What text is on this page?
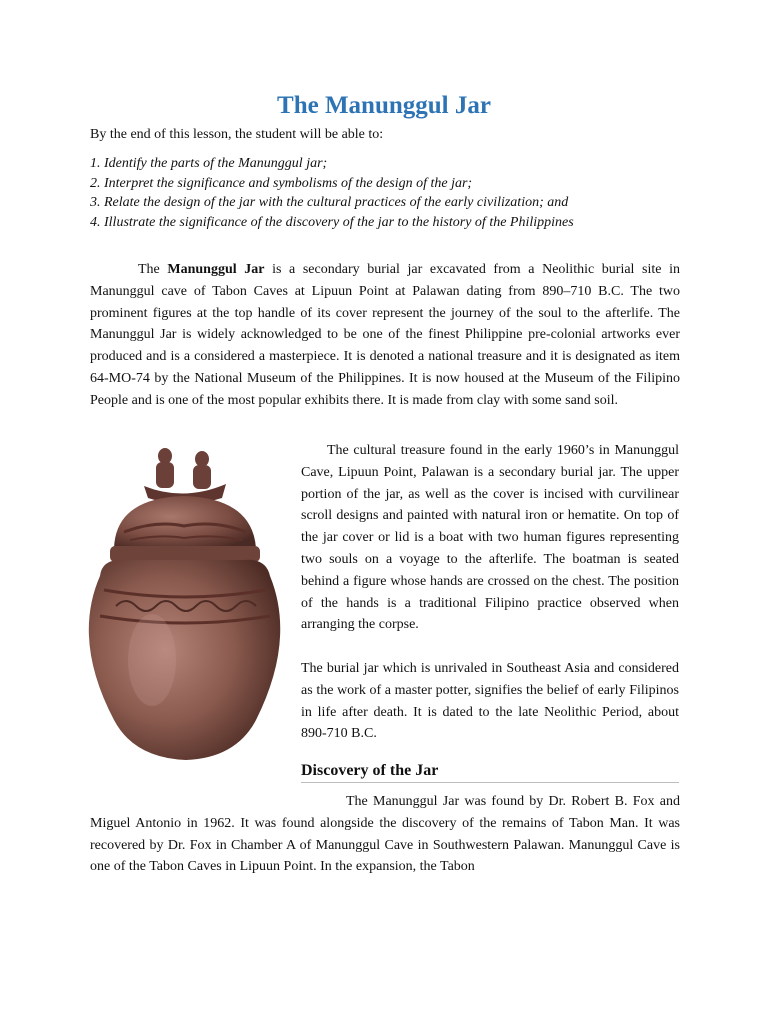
The Manunggul Jar
By the end of this lesson, the student will be able to:
1. Identify the parts of the Manunggul jar;
2. Interpret the significance and symbolisms of the design of the jar;
3. Relate the design of the jar with the cultural practices of the early civilization; and
4. Illustrate the significance of the discovery of the jar to the history of the Philippines

The Manunggul Jar is a secondary burial jar excavated from a Neolithic burial site in Manunggul cave of Tabon Caves at Lipuun Point at Palawan dating from 890–710 B.C. The two prominent figures at the top handle of its cover represent the journey of the soul to the afterlife. The Manunggul Jar is widely acknowledged to be one of the finest Philippine pre-colonial artworks ever produced and is a considered a masterpiece. It is denoted a national treasure and it is designated as item 64-MO-74 by the National Museum of the Philippines. It is now housed at the Museum of the Filipino People and is one of the most popular exhibits there. It is made from clay with some sand soil.

The cultural treasure found in the early 1960’s in Manunggul Cave, Lipuun Point, Palawan is a secondary burial jar. The upper portion of the jar, as well as the cover is incised with curvilinear scroll designs and painted with natural iron or hematite. On top of the jar cover or lid is a boat with two human figures representing two souls on a voyage to the afterlife. The boatman is seated behind a figure whose hands are crossed on the chest. The position of the hands is a traditional Filipino practice observed when arranging the corpse.

The burial jar which is unrivaled in Southeast Asia and considered as the work of a master potter, signifies the belief of early Filipinos in life after death. It is dated to the late Neolithic Period, about 890-710 B.C.

Discovery of the Jar

The Manunggul Jar was found by Dr. Robert B. Fox and Miguel Antonio in 1962. It was found alongside the discovery of the remains of Tabon Man. It was recovered by Dr. Fox in Chamber A of Manunggul Cave in Southwestern Palawan. Manunggul Cave is one of the Tabon Caves in Lipuun Point. In the expansion, the Tabon
